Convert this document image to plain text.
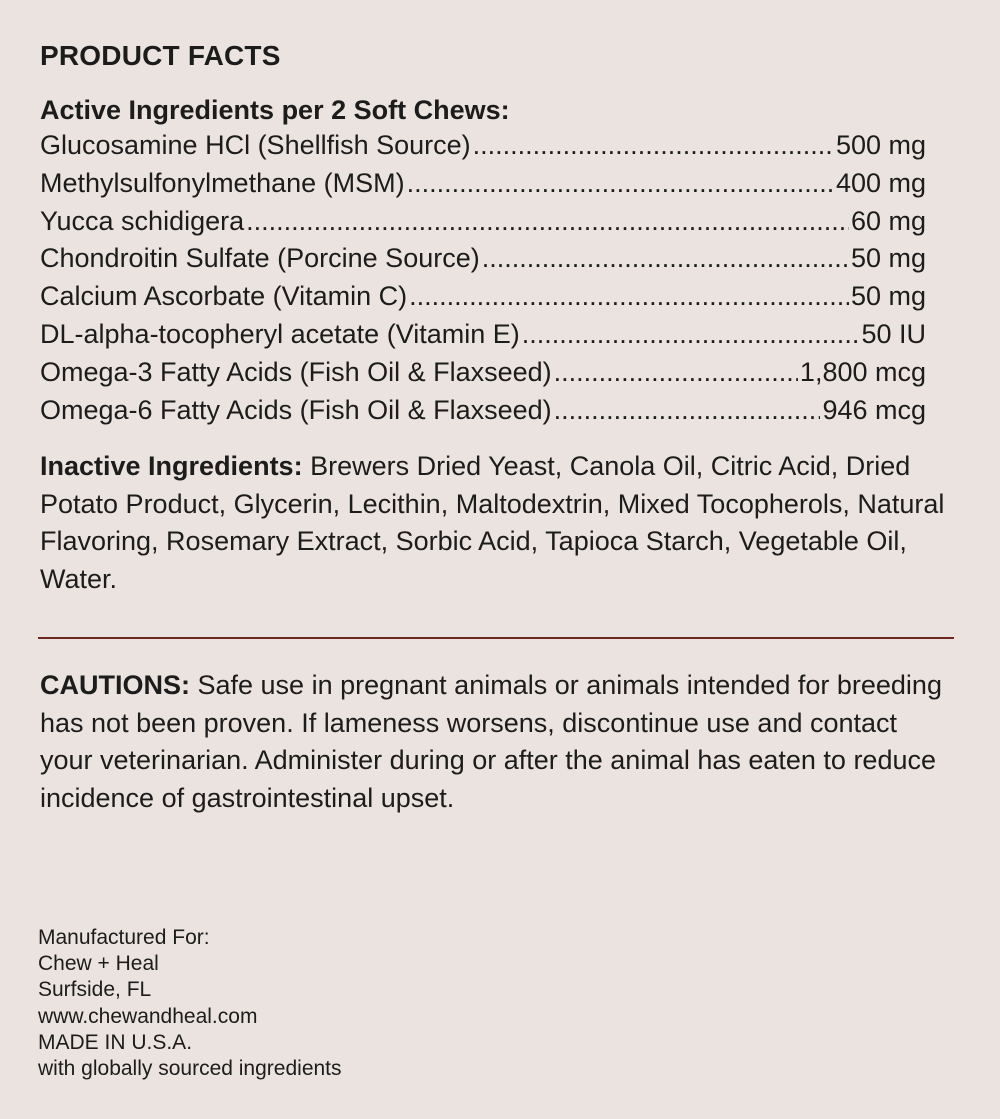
PRODUCT FACTS
Active Ingredients per 2 Soft Chews:
Glucosamine HCl (Shellfish Source) .....	500 mg
Methylsulfonylmethane (MSM) .....	400 mg
Yucca schidigera .....	60 mg
Chondroitin Sulfate (Porcine Source) .....	50 mg
Calcium Ascorbate (Vitamin C) .....	50 mg
DL-alpha-tocopheryl acetate (Vitamin E) .....	50 IU
Omega-3 Fatty Acids (Fish Oil & Flaxseed) .....	1,800 mcg
Omega-6 Fatty Acids (Fish Oil & Flaxseed) .....	946 mcg
Inactive Ingredients: Brewers Dried Yeast, Canola Oil, Citric Acid, Dried Potato Product, Glycerin, Lecithin, Maltodextrin, Mixed Tocopherols, Natural Flavoring, Rosemary Extract, Sorbic Acid, Tapioca Starch, Vegetable Oil, Water.
CAUTIONS: Safe use in pregnant animals or animals intended for breeding has not been proven. If lameness worsens, discontinue use and contact your veterinarian. Administer during or after the animal has eaten to reduce incidence of gastrointestinal upset.
Manufactured For:
Chew + Heal
Surfside, FL
www.chewandheal.com
MADE IN U.S.A.
with globally sourced ingredients
